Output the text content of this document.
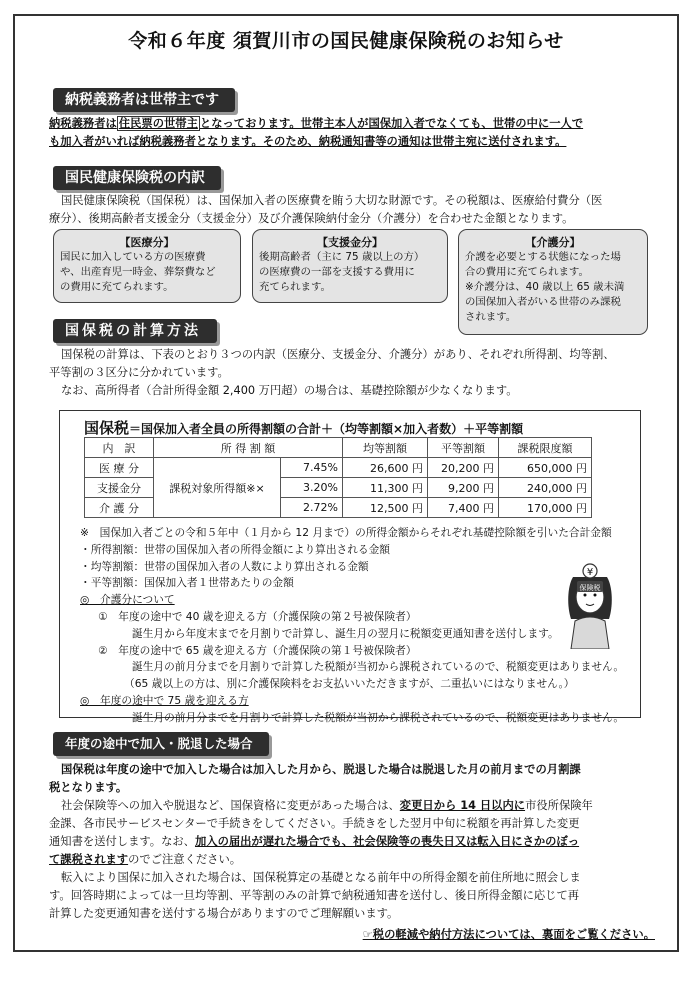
令和６年度 須賀川市の国民健康保険税のお知らせ
納税義務者は世帯主です
納税義務者は 住民票の世帯主 となっております。世帯主本人が国保加入者でなくても、世帯の中に一人で
も加入者がいれば納税義務者となります。そのため、納税通知書等の通知は世帯主宛に送付されます。
国民健康保険税の内訳
国民健康保険税（国保税）は、国保加入者の医療費を賄う大切な財源です。その税額は、医療給付費分（医
療分）、後期高齢者支援金分（支援金分）及び介護保険納付金分（介護分）を合わせた金額となります。
【医療分】
国民に加入している方の医療費
や、出産育児一時金、葬祭費など
の費用に充てられます。
【支援金分】
後期高齢者（主に 75 歳以上の方）
の医療費の一部を支援する費用に
充てられます。
【介護分】
介護を必要とする状態になった場
合の費用に充てられます。
※介護分は、40 歳以上 65 歳未満
の国保加入者がいる世帯のみ課税
されます。
国保税の計算方法
国保税の計算は、下表のとおり３つの内訳（医療分、支援金分、介護分）があり、それぞれ所得割、均等割、
平等割の３区分に分かれています。
なお、高所得者（合計所得金額 2,400 万円超）の場合は、基礎控除額が少なくなります。
国保税＝国保加入者全員の所得割額の合計＋（均等割額×加入者数）＋平等割額
内　訳	所 得 割 額		均等割額	平等割額	課税限度額
医 療 分	課税対象所得額※×	7.45%	26,600 円	20,200 円	650,000 円
支援金分		3.20%	11,300 円	9,200 円	240,000 円
介 護 分		2.72%	12,500 円	7,400 円	170,000 円
※　国保加入者ごとの令和５年中（１月から 12 月まで）の所得金額からそれぞれ基礎控除額を引いた合計金額
・所得割額：世帯の国保加入者の所得金額により算出される金額
・均等割額：世帯の国保加入者の人数により算出される金額
・平等割額：国保加入者１世帯あたりの金額
◎　介護分について
①　年度の途中で 40 歳を迎える方（介護保険の第２号被保険者）
誕生月から年度末までを月割りで計算し、誕生月の翌月に税額変更通知書を送付します。
②　年度の途中で 65 歳を迎える方（介護保険の第１号被保険者）
誕生月の前月分までを月割りで計算した税額が当初から課税されているので、税額変更はありません。
（65 歳以上の方は、別に介護保険料をお支払いいただきますが、二重払いにはなりません。）
◎　年度の途中で 75 歳を迎える方
誕生月の前月分までを月割りで計算した税額が当初から課税されているので、税額変更はありません。
¥
保険税
年度の途中で加入・脱退した場合
国保税は年度の途中で加入した場合は加入した月から、脱退した場合は脱退した月の前月までの月割課
税となります。
社会保険等への加入や脱退など、国保資格に変更があった場合は、変更日から 14 日以内に市役所保険年
金課、各市民サービスセンターで手続きをしてください。手続きをした翌月中旬に税額を再計算した変更
通知書を送付します。なお、加入の届出が遅れた場合でも、社会保険等の喪失日又は転入日にさかのぼっ
て課税されますのでご注意ください。
転入により国保に加入された場合は、国保税算定の基礎となる前年中の所得金額を前住所地に照会しま
す。回答時期によっては一旦均等割、平等割のみの計算で納税通知書を送付し、後日所得金額に応じて再
計算した変更通知書を送付する場合がありますのでご理解願います。
☞税の軽減や納付方法については、裏面をご覧ください。
